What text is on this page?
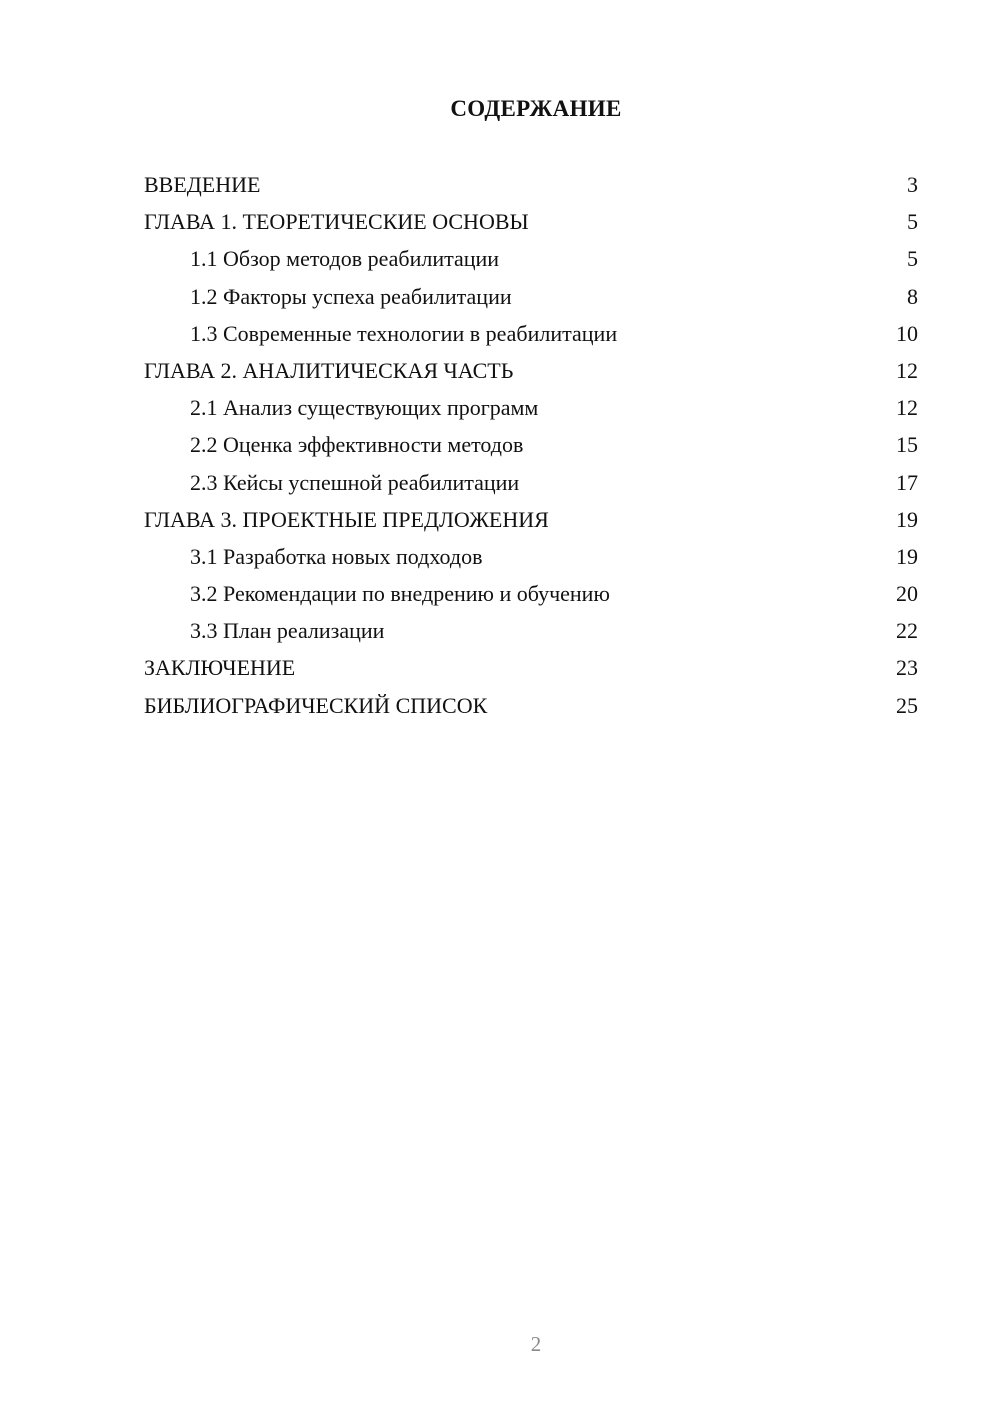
СОДЕРЖАНИЕ
ВВЕДЕНИЕ	3
ГЛАВА 1. ТЕОРЕТИЧЕСКИЕ ОСНОВЫ	5
1.1 Обзор методов реабилитации	5
1.2 Факторы успеха реабилитации	8
1.3 Современные технологии в реабилитации	10
ГЛАВА 2. АНАЛИТИЧЕСКАЯ ЧАСТЬ	12
2.1 Анализ существующих программ	12
2.2 Оценка эффективности методов	15
2.3 Кейсы успешной реабилитации	17
ГЛАВА 3. ПРОЕКТНЫЕ ПРЕДЛОЖЕНИЯ	19
3.1 Разработка новых подходов	19
3.2 Рекомендации по внедрению и обучению	20
3.3 План реализации	22
ЗАКЛЮЧЕНИЕ	23
БИБЛИОГРАФИЧЕСКИЙ СПИСОК	25
2
